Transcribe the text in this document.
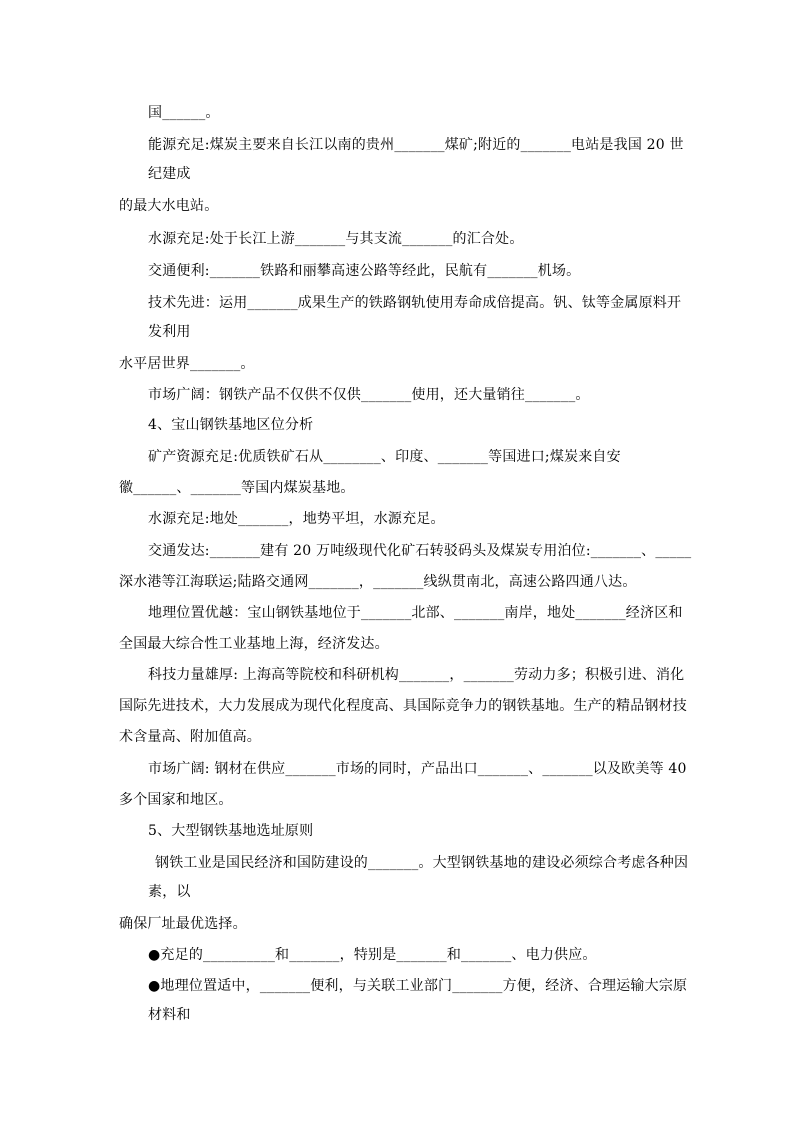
国______。
能源充足:煤炭主要来自长江以南的贵州_______煤矿;附近的_______电站是我国 20 世
纪建成
的最大水电站。
水源充足:处于长江上游_______与其支流_______的汇合处。
交通便利:_______铁路和丽攀高速公路等经此，民航有_______机场。
技术先进：运用_______成果生产的铁路钢轨使用寿命成倍提高。钒、钛等金属原料开
发利用
水平居世界_______。
市场广阔：钢铁产品不仅供不仅供_______使用，还大量销往_______。
4、宝山钢铁基地区位分析
矿产资源充足:优质铁矿石从________、印度、_______等国进口;煤炭来自安
徽______、_______等国内煤炭基地。
水源充足:地处_______，地势平坦，水源充足。
交通发达:_______建有 20 万吨级现代化矿石转驳码头及煤炭专用泊位:_______、_____
深水港等江海联运;陆路交通网_______，_______线纵贯南北，高速公路四通八达。
地理位置优越：宝山钢铁基地位于_______北部、_______南岸，地处_______经济区和
全国最大综合性工业基地上海，经济发达。
科技力量雄厚: 上海高等院校和科研机构_______，_______劳动力多；积极引进、消化
国际先进技术，大力发展成为现代化程度高、具国际竞争力的钢铁基地。生产的精品钢材技
术含量高、附加值高。
市场广阔: 钢材在供应_______市场的同时，产品出口_______、_______以及欧美等 40
多个国家和地区。
5、大型钢铁基地选址原则
钢铁工业是国民经济和国防建设的_______。大型钢铁基地的建设必须综合考虑各种因
素，以
确保厂址最优选择。
●充足的__________和_______，特别是_______和_______、电力供应。
●地理位置适中，_______便利，与关联工业部门_______方便，经济、合理运输大宗原
材料和
